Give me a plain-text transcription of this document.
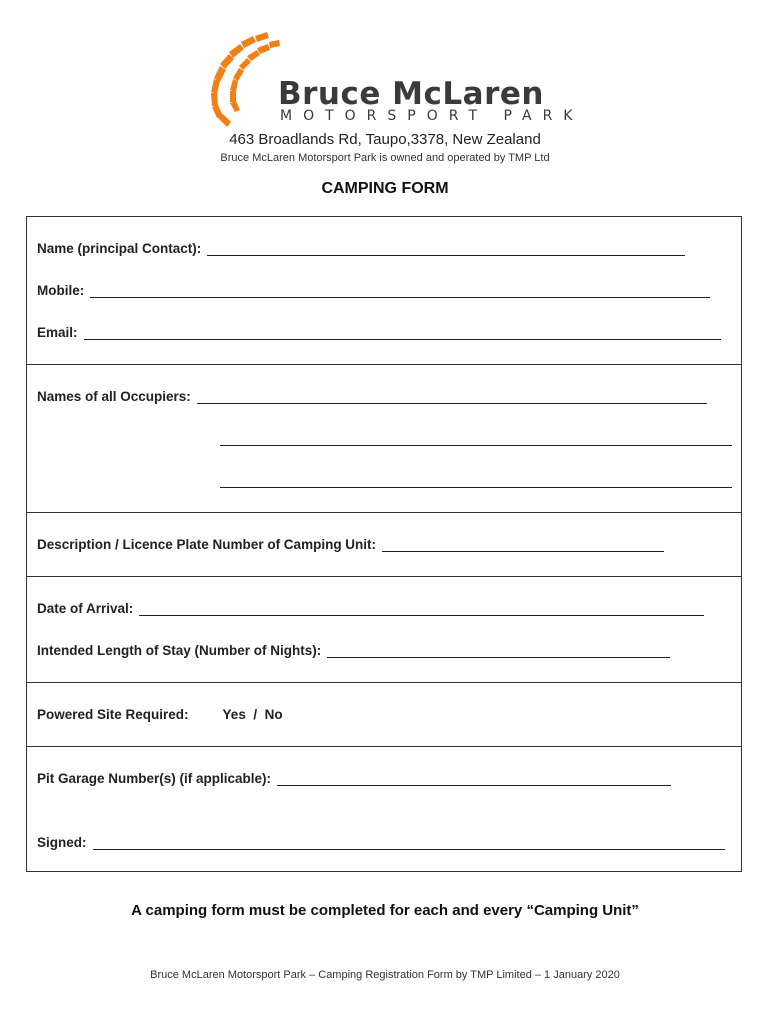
Bruce McLaren
MOTORSPORT PARK
463 Broadlands Rd, Taupo,3378, New Zealand
Bruce McLaren Motorsport Park is owned and operated by TMP Ltd
CAMPING FORM
Name (principal Contact):
Mobile:
Email:
Names of all Occupiers:
Description / Licence Plate Number of Camping Unit:
Date of Arrival:
Intended Length of Stay (Number of Nights):
Powered Site Required:	Yes  /  No
Pit Garage Number(s) (if applicable):
Signed:
A camping form must be completed for each and every “Camping Unit”
Bruce McLaren Motorsport Park – Camping Registration Form by TMP Limited – 1 January 2020
